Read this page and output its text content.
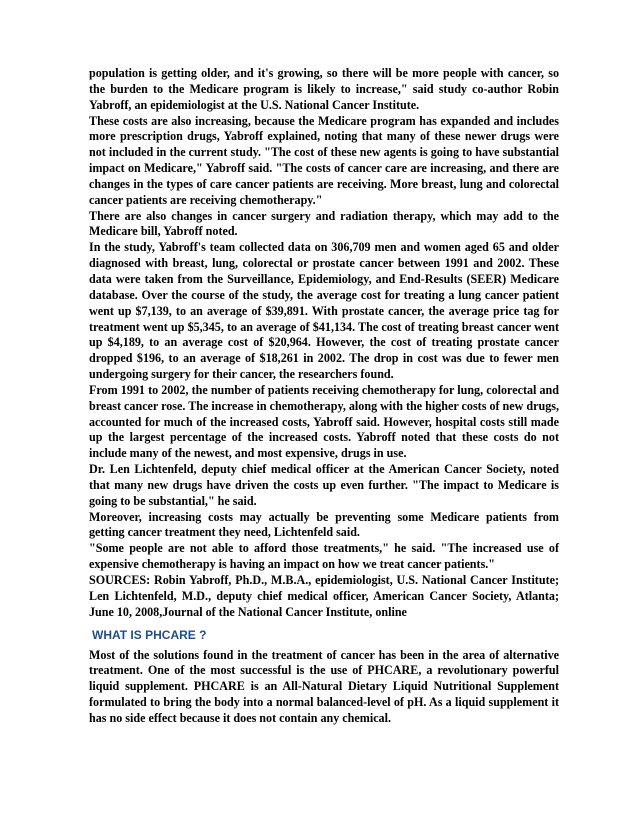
population is getting older, and it's growing, so there will be more people with cancer, so the burden to the Medicare program is likely to increase," said study co-author Robin Yabroff, an epidemiologist at the U.S. National Cancer Institute.

These costs are also increasing, because the Medicare program has expanded and includes more prescription drugs, Yabroff explained, noting that many of these newer drugs were not included in the current study. "The cost of these new agents is going to have substantial impact on Medicare," Yabroff said. "The costs of cancer care are increasing, and there are changes in the types of care cancer patients are receiving. More breast, lung and colorectal cancer patients are receiving chemotherapy."

There are also changes in cancer surgery and radiation therapy, which may add to the Medicare bill, Yabroff noted.

In the study, Yabroff's team collected data on 306,709 men and women aged 65 and older diagnosed with breast, lung, colorectal or prostate cancer between 1991 and 2002. These data were taken from the Surveillance, Epidemiology, and End-Results (SEER) Medicare database. Over the course of the study, the average cost for treating a lung cancer patient went up $7,139, to an average of $39,891. With prostate cancer, the average price tag for treatment went up $5,345, to an average of $41,134. The cost of treating breast cancer went up $4,189, to an average cost of $20,964. However, the cost of treating prostate cancer dropped $196, to an average of $18,261 in 2002. The drop in cost was due to fewer men undergoing surgery for their cancer, the researchers found.

From 1991 to 2002, the number of patients receiving chemotherapy for lung, colorectal and breast cancer rose. The increase in chemotherapy, along with the higher costs of new drugs, accounted for much of the increased costs, Yabroff said. However, hospital costs still made up the largest percentage of the increased costs. Yabroff noted that these costs do not include many of the newest, and most expensive, drugs in use.

Dr. Len Lichtenfeld, deputy chief medical officer at the American Cancer Society, noted that many new drugs have driven the costs up even further. "The impact to Medicare is going to be substantial," he said.

Moreover, increasing costs may actually be preventing some Medicare patients from getting cancer treatment they need, Lichtenfeld said.

"Some people are not able to afford those treatments," he said. "The increased use of expensive chemotherapy is having an impact on how we treat cancer patients."

SOURCES: Robin Yabroff, Ph.D., M.B.A., epidemiologist, U.S. National Cancer Institute; Len Lichtenfeld, M.D., deputy chief medical officer, American Cancer Society, Atlanta; June 10, 2008,Journal of the National Cancer Institute, online

WHAT IS PHCARE ?

Most of the solutions found in the treatment of cancer has been in the area of alternative treatment. One of the most successful is the use of PHCARE, a revolutionary powerful liquid supplement. PHCARE is an All-Natural Dietary Liquid Nutritional Supplement formulated to bring the body into a normal balanced-level of pH. As a liquid supplement it has no side effect because it does not contain any chemical.
